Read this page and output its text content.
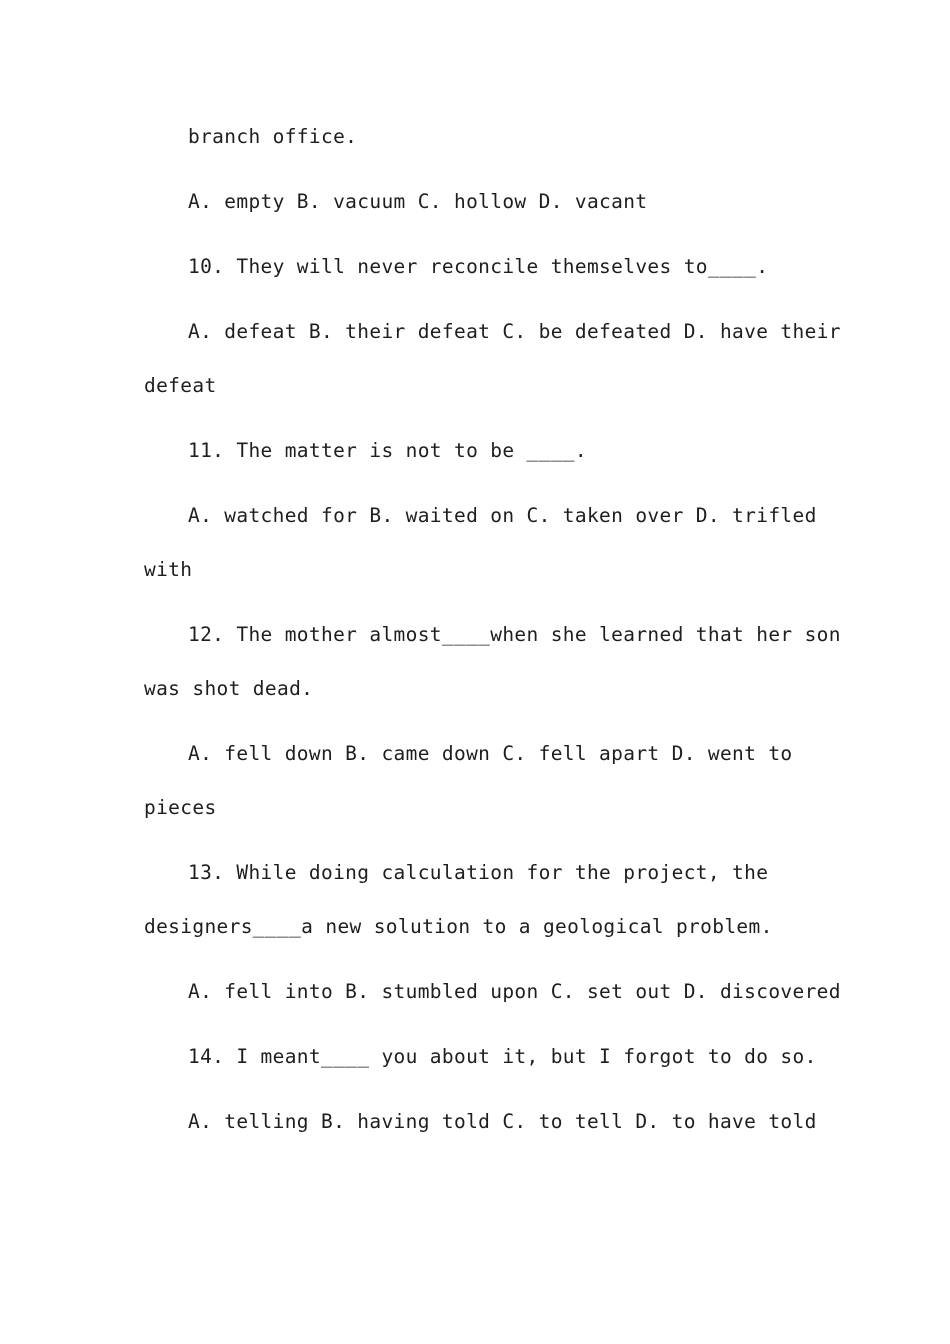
branch office.
A. empty B. vacuum C. hollow D. vacant
10. They will never reconcile themselves to____.
A. defeat B. their defeat C. be defeated D. have their
defeat
11. The matter is not to be ____.
A. watched for B. waited on C. taken over D. trifled
with
12. The mother almost____when she learned that her son
was shot dead.
A. fell down B. came down C. fell apart D. went to
pieces
13. While doing calculation for the project, the
designers____a new solution to a geological problem.
A. fell into B. stumbled upon C. set out D. discovered
14. I meant____ you about it, but I forgot to do so.
A. telling B. having told C. to tell D. to have told
